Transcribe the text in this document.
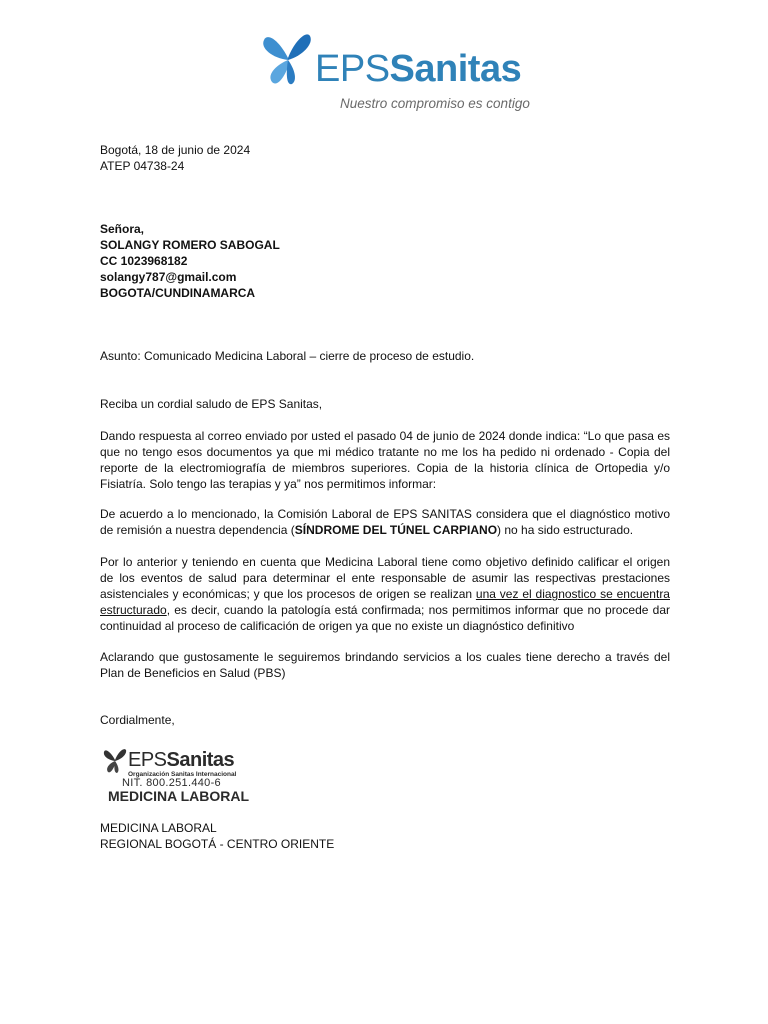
EPSSanitas
Nuestro compromiso es contigo
Bogotá, 18 de junio de 2024
ATEP 04738-24
Señora,
SOLANGY ROMERO SABOGAL
CC 1023968182
solangy787@gmail.com
BOGOTA/CUNDINAMARCA
Asunto: Comunicado Medicina Laboral – cierre de proceso de estudio.
Reciba un cordial saludo de EPS Sanitas,
Dando respuesta al correo enviado por usted el pasado 04 de junio de 2024 donde indica: “Lo que pasa es que no tengo esos documentos ya que mi médico tratante no me los ha pedido ni ordenado - Copia del reporte de la electromiografía de miembros superiores. Copia de la historia clínica de Ortopedia y/o Fisiatría. Solo tengo las terapias y ya” nos permitimos informar:
De acuerdo a lo mencionado, la Comisión Laboral de EPS SANITAS considera que el diagnóstico motivo de remisión a nuestra dependencia (SÍNDROME DEL TÚNEL CARPIANO) no ha sido estructurado.
Por lo anterior y teniendo en cuenta que Medicina Laboral tiene como objetivo definido calificar el origen de los eventos de salud para determinar el ente responsable de asumir las respectivas prestaciones asistenciales y económicas; y que los procesos de origen se realizan una vez el diagnostico se encuentra estructurado, es decir, cuando la patología está confirmada; nos permitimos informar que no procede dar continuidad al proceso de calificación de origen ya que no existe un diagnóstico definitivo
Aclarando que gustosamente le seguiremos brindando servicios a los cuales tiene derecho a través del Plan de Beneficios en Salud (PBS)
Cordialmente,
EPSSanitas
Organización Sanitas Internacional
NIT. 800.251.440-6
MEDICINA LABORAL
MEDICINA LABORAL
REGIONAL BOGOTÁ - CENTRO ORIENTE
